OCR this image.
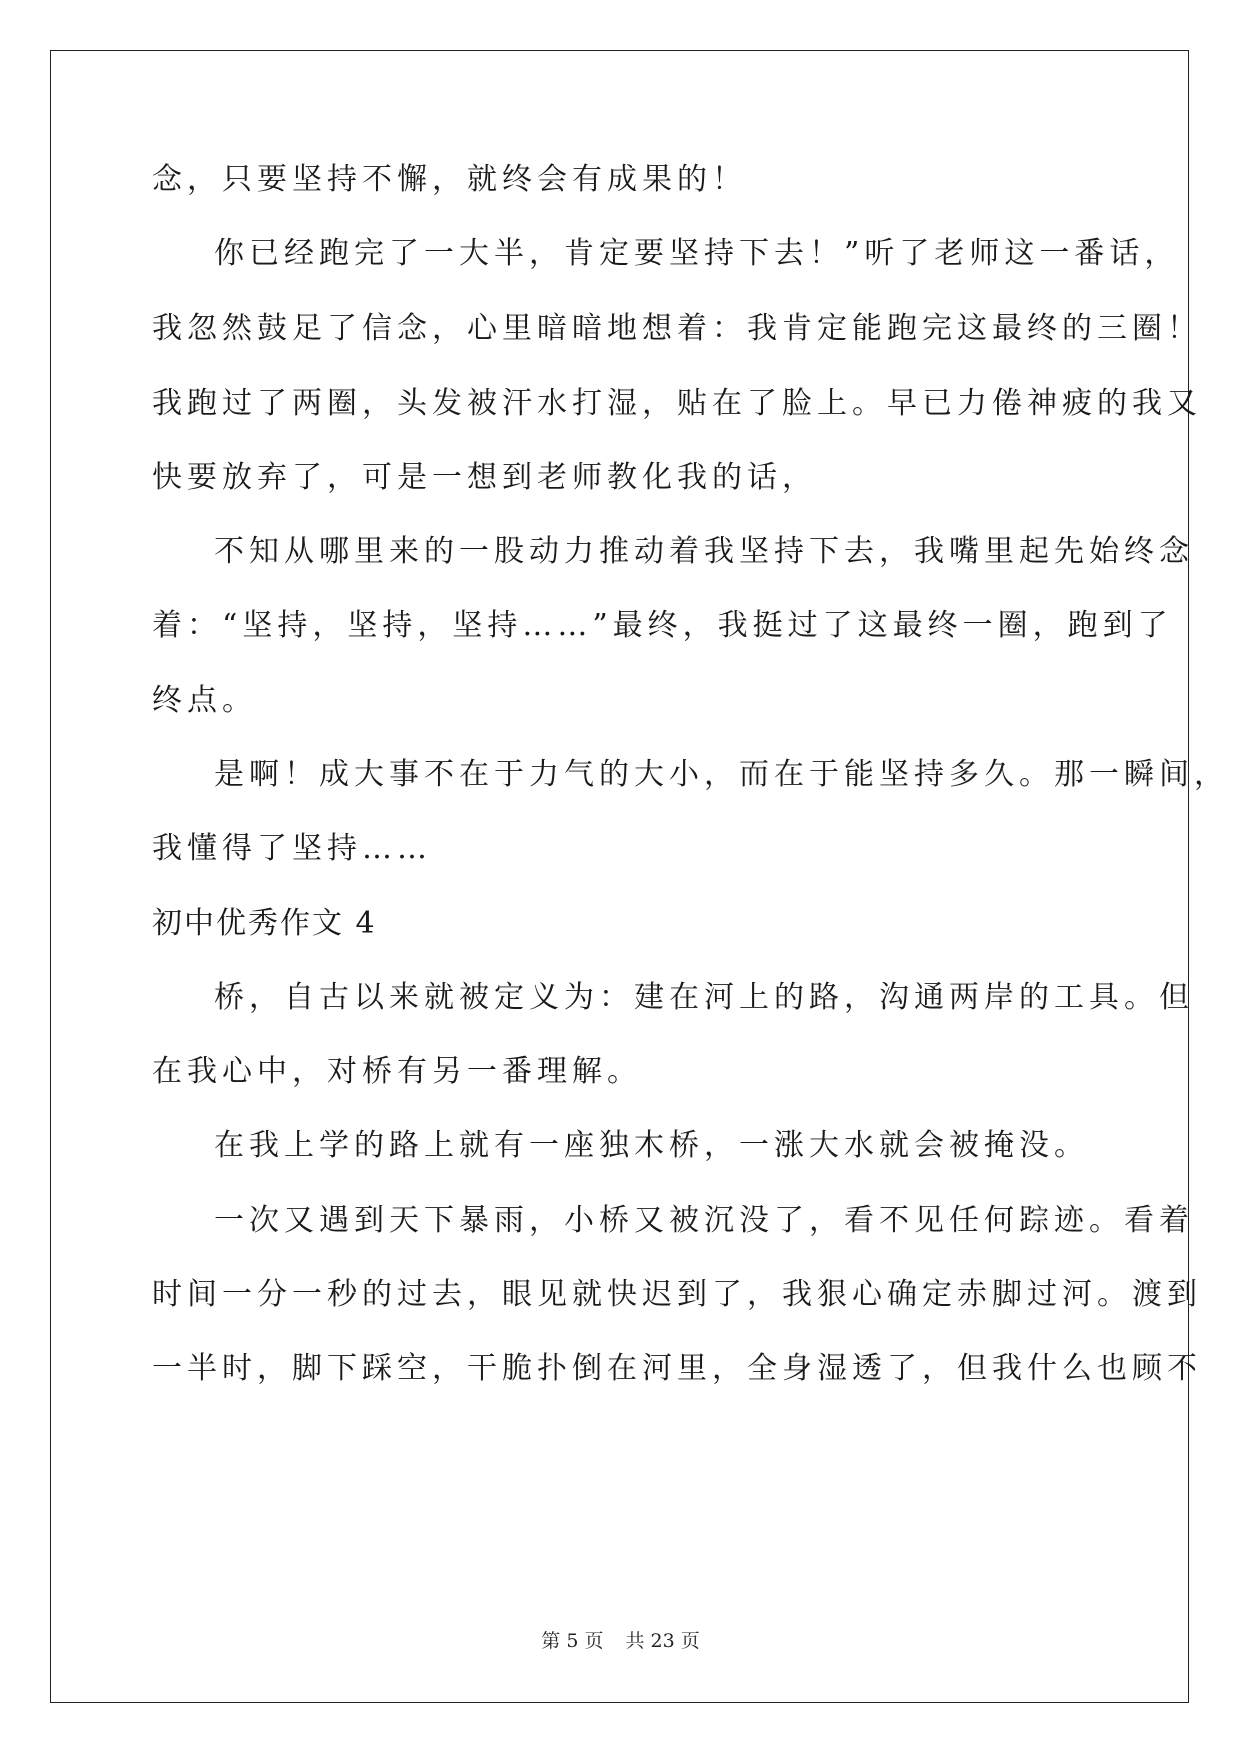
念，只要坚持不懈，就终会有成果的！
你已经跑完了一大半，肯定要坚持下去！”听了老师这一番话，
我忽然鼓足了信念，心里暗暗地想着：我肯定能跑完这最终的三圈！
我跑过了两圈，头发被汗水打湿，贴在了脸上。早已力倦神疲的我又
快要放弃了，可是一想到老师教化我的话，
不知从哪里来的一股动力推动着我坚持下去，我嘴里起先始终念
着：“坚持，坚持，坚持……”最终，我挺过了这最终一圈，跑到了
终点。
是啊！成大事不在于力气的大小，而在于能坚持多久。那一瞬间，
我懂得了坚持……
初中优秀作文 4
桥，自古以来就被定义为：建在河上的路，沟通两岸的工具。但
在我心中，对桥有另一番理解。
在我上学的路上就有一座独木桥，一涨大水就会被掩没。
一次又遇到天下暴雨，小桥又被沉没了，看不见任何踪迹。看着
时间一分一秒的过去，眼见就快迟到了，我狠心确定赤脚过河。渡到
一半时，脚下踩空，干脆扑倒在河里，全身湿透了，但我什么也顾不
第 5 页 共 23 页
